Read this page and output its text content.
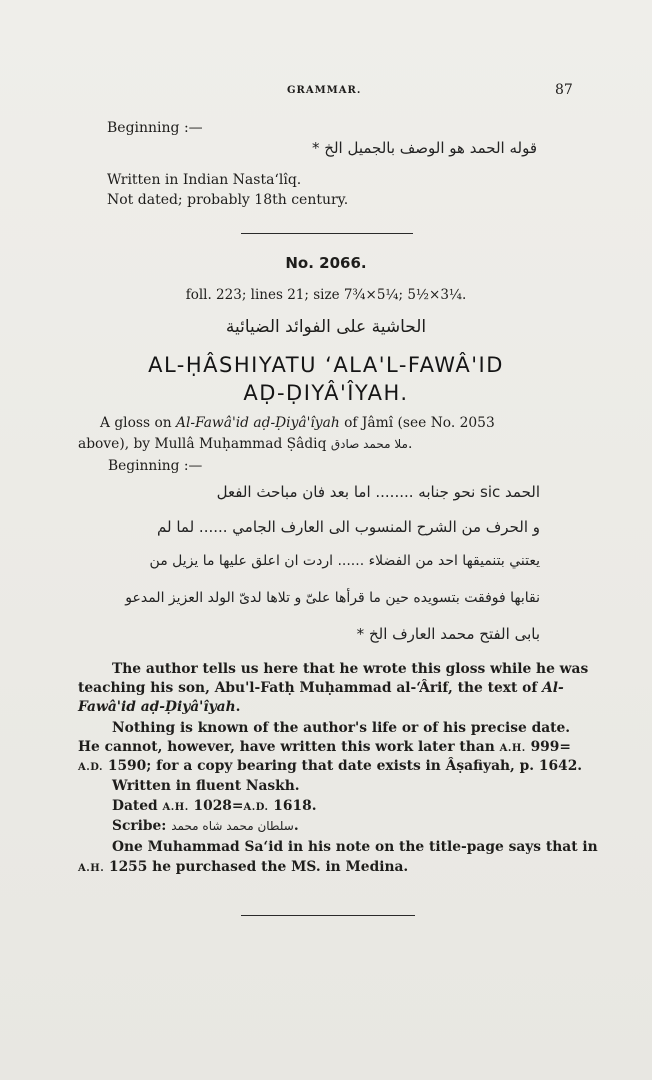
GRAMMAR.	87
Beginning :—
قوله الحمد هو الوصف بالجميل الخ *
Written in Indian Nasta‘lîq.
Not dated; probably 18th century.
No. 2066.
foll. 223; lines 21; size 7¾×5¼; 5½×3¼.
الحاشية على الفوائد الضيائية
AL-ḤÂSHIYATU ‘ALA'L-FAWÂ'ID
AḌ-ḌIYÂ'ÎYAH.
A gloss on Al-Fawâ'id aḍ-Ḍiyâ'îyah of Jâmî (see No. 2053
above), by Mullâ Muḥammad Ṣâdiq ملا محمد صادق.
Beginning :—
الحمد sic نحو جنابه ........ اما بعد فان مباحث الفعل
و الحرف من الشرح المنسوب الى العارف الجامي ...... لما لم
يعتني بتنميقها احد من الفضلاء ...... اردت ان اعلق عليها ما يزيل من
نقابها فوفقت بتسويده حين ما قرأها علىّ و تلاها لدىّ الولد العزيز المدعو
بابى الفتح محمد العارف الخ *
The author tells us here that he wrote this gloss while he was
teaching his son, Abu'l-Fatḥ Muḥammad al-‘Ârif, the text of Al-
Fawâ'id aḍ-Ḍiyâ'îyah.
Nothing is known of the author's life or of his precise date.
He cannot, however, have written this work later than A.H. 999=
A.D. 1590; for a copy bearing that date exists in Âṣafiyah, p. 1642.
Written in fluent Naskh.
Dated A.H. 1028=A.D. 1618.
Scribe: سلطان محمد شاه محمد.
One Muhammad Sa‘id in his note on the title-page says that in
A.H. 1255 he purchased the MS. in Medina.
